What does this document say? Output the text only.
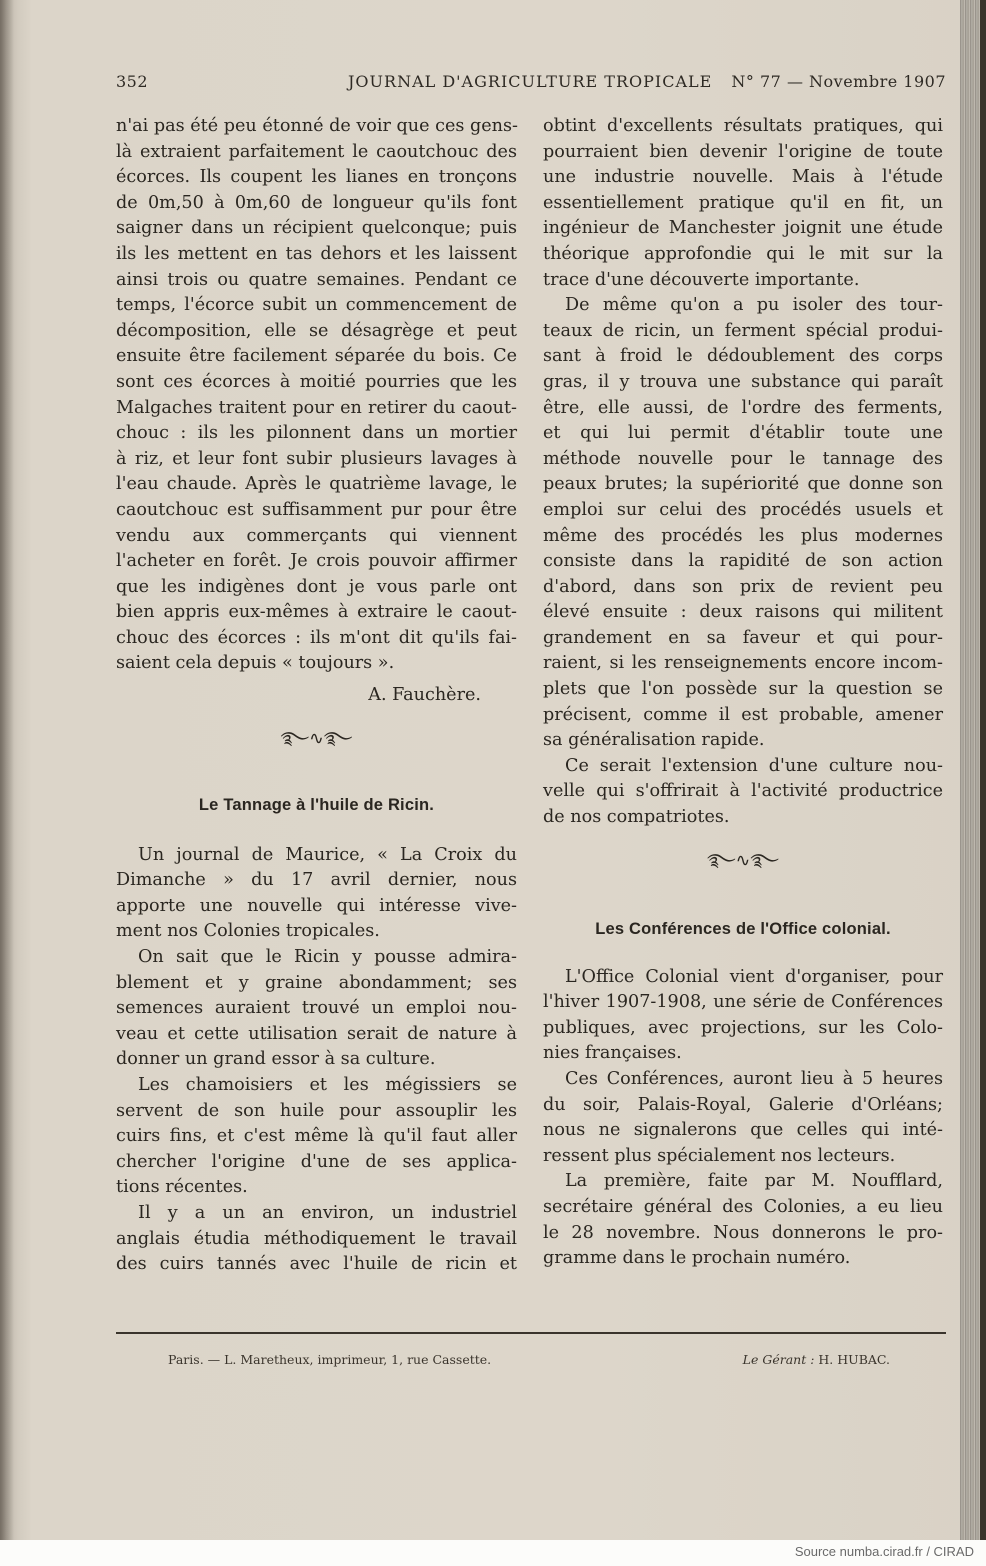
352	JOURNAL D'AGRICULTURE TROPICALE N° 77 — Novembre 1907
n'ai pas été peu étonné de voir que ces gens-
là extraient parfaitement le caoutchouc des
écorces. Ils coupent les lianes en tronçons
de 0m,50 à 0m,60 de longueur qu'ils font
saigner dans un récipient quelconque; puis
ils les mettent en tas dehors et les laissent
ainsi trois ou quatre semaines. Pendant ce
temps, l'écorce subit un commencement de
décomposition, elle se désagrège et peut
ensuite être facilement séparée du bois. Ce
sont ces écorces à moitié pourries que les
Malgaches traitent pour en retirer du caout-
chouc : ils les pilonnent dans un mortier
à riz, et leur font subir plusieurs lavages à
l'eau chaude. Après le quatrième lavage, le
caoutchouc est suffisamment pur pour être
vendu aux commerçants qui viennent
l'acheter en forêt. Je crois pouvoir affirmer
que les indigènes dont je vous parle ont
bien appris eux-mêmes à extraire le caout-
chouc des écorces : ils m'ont dit qu'ils fai-
saient cela depuis « toujours ».
A. Fauchère.
࿐∿࿐
Le Tannage à l'huile de Ricin.
Un journal de Maurice, « La Croix du
Dimanche » du 17 avril dernier, nous
apporte une nouvelle qui intéresse vive-
ment nos Colonies tropicales.
On sait que le Ricin y pousse admira-
blement et y graine abondamment; ses
semences auraient trouvé un emploi nou-
veau et cette utilisation serait de nature à
donner un grand essor à sa culture.
Les chamoisiers et les mégissiers se
servent de son huile pour assouplir les
cuirs fins, et c'est même là qu'il faut aller
chercher l'origine d'une de ses applica-
tions récentes.
Il y a un an environ, un industriel
anglais étudia méthodiquement le travail
des cuirs tannés avec l'huile de ricin et
obtint d'excellents résultats pratiques, qui
pourraient bien devenir l'origine de toute
une industrie nouvelle. Mais à l'étude
essentiellement pratique qu'il en fit, un
ingénieur de Manchester joignit une étude
théorique approfondie qui le mit sur la
trace d'une découverte importante.
De même qu'on a pu isoler des tour-
teaux de ricin, un ferment spécial produi-
sant à froid le dédoublement des corps
gras, il y trouva une substance qui paraît
être, elle aussi, de l'ordre des ferments,
et qui lui permit d'établir toute une
méthode nouvelle pour le tannage des
peaux brutes; la supériorité que donne son
emploi sur celui des procédés usuels et
même des procédés les plus modernes
consiste dans la rapidité de son action
d'abord, dans son prix de revient peu
élevé ensuite : deux raisons qui militent
grandement en sa faveur et qui pour-
raient, si les renseignements encore incom-
plets que l'on possède sur la question se
précisent, comme il est probable, amener
sa généralisation rapide.
Ce serait l'extension d'une culture nou-
velle qui s'offrirait à l'activité productrice
de nos compatriotes.
࿐∿࿐
Les Conférences de l'Office colonial.
L'Office Colonial vient d'organiser, pour
l'hiver 1907-1908, une série de Conférences
publiques, avec projections, sur les Colo-
nies françaises.
Ces Conférences, auront lieu à 5 heures
du soir, Palais-Royal, Galerie d'Orléans;
nous ne signalerons que celles qui inté-
ressent plus spécialement nos lecteurs.
La première, faite par M. Noufflard,
secrétaire général des Colonies, a eu lieu
le 28 novembre. Nous donnerons le pro-
gramme dans le prochain numéro.
Paris. — L. Maretheux, imprimeur, 1, rue Cassette.	Le Gérant : H. HUBAC.
Source numba.cirad.fr / CIRAD
